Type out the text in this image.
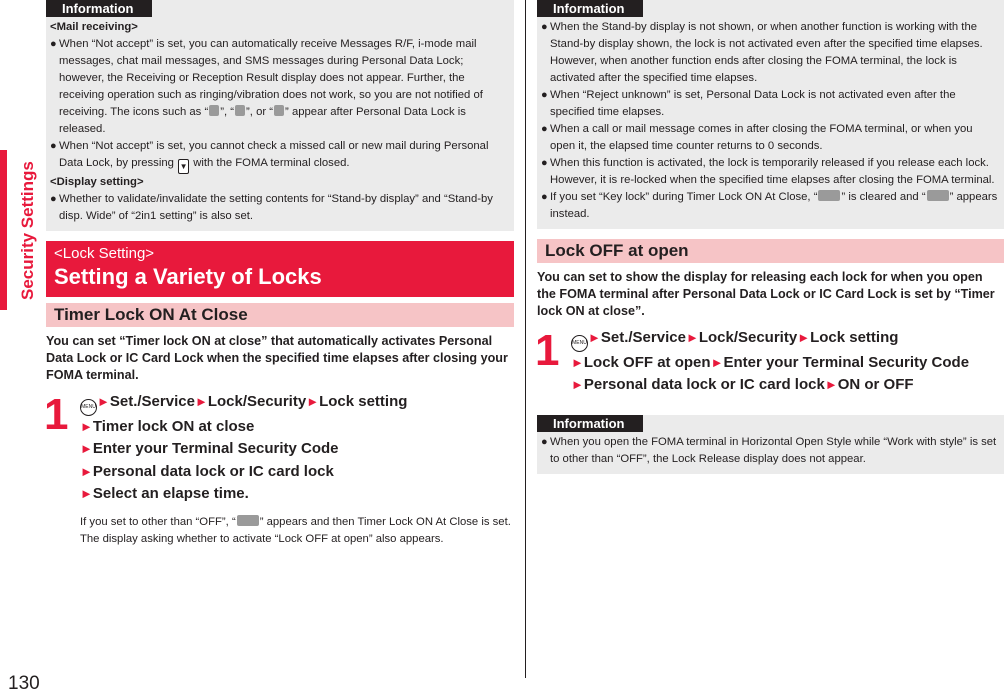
Security Settings
130
Information
<Mail receiving>
● When “Not accept” is set, you can automatically receive Messages R/F, i-mode mail messages, chat mail messages, and SMS messages during Personal Data Lock; however, the Receiving or Reception Result display does not appear. Further, the receiving operation such as ringing/vibration does not work, so you are not notified of receiving. The icons such as “ ”, “ ”, or “ ” appear after Personal Data Lock is released.
● When “Not accept” is set, you cannot check a missed call or new mail during Personal Data Lock, by pressing ▼ with the FOMA terminal closed.
<Display setting>
● Whether to validate/invalidate the setting contents for “Stand-by display” and “Stand-by disp. Wide” of “2in1 setting” is also set.
<Lock Setting>
Setting a Variety of Locks
Timer Lock ON At Close
You can set “Timer lock ON at close” that automatically activates Personal Data Lock or IC Card Lock when the specified time elapses after closing your FOMA terminal.
1	MENU►Set./Service►Lock/Security►Lock setting
►Timer lock ON at close
►Enter your Terminal Security Code
►Personal data lock or IC card lock
►Select an elapse time.
If you set to other than “OFF”, “ ” appears and then Timer Lock ON At Close is set. The display asking whether to activate “Lock OFF at open” also appears.
Information
● When the Stand-by display is not shown, or when another function is working with the Stand-by display shown, the lock is not activated even after the specified time elapses. However, when another function ends after closing the FOMA terminal, the lock is activated after the specified time elapses.
● When “Reject unknown” is set, Personal Data Lock is not activated even after the specified time elapses.
● When a call or mail message comes in after closing the FOMA terminal, or when you open it, the elapsed time counter returns to 0 seconds.
● When this function is activated, the lock is temporarily released if you release each lock. However, it is re-locked when the specified time elapses after closing the FOMA terminal.
● If you set “Key lock” during Timer Lock ON At Close, “ ” is cleared and “ ” appears instead.
Lock OFF at open
You can set to show the display for releasing each lock for when you open the FOMA terminal after Personal Data Lock or IC Card Lock is set by “Timer lock ON at close”.
1	MENU►Set./Service►Lock/Security►Lock setting
►Lock OFF at open►Enter your Terminal Security Code
►Personal data lock or IC card lock►ON or OFF
Information
● When you open the FOMA terminal in Horizontal Open Style while “Work with style” is set to other than “OFF”, the Lock Release display does not appear.
